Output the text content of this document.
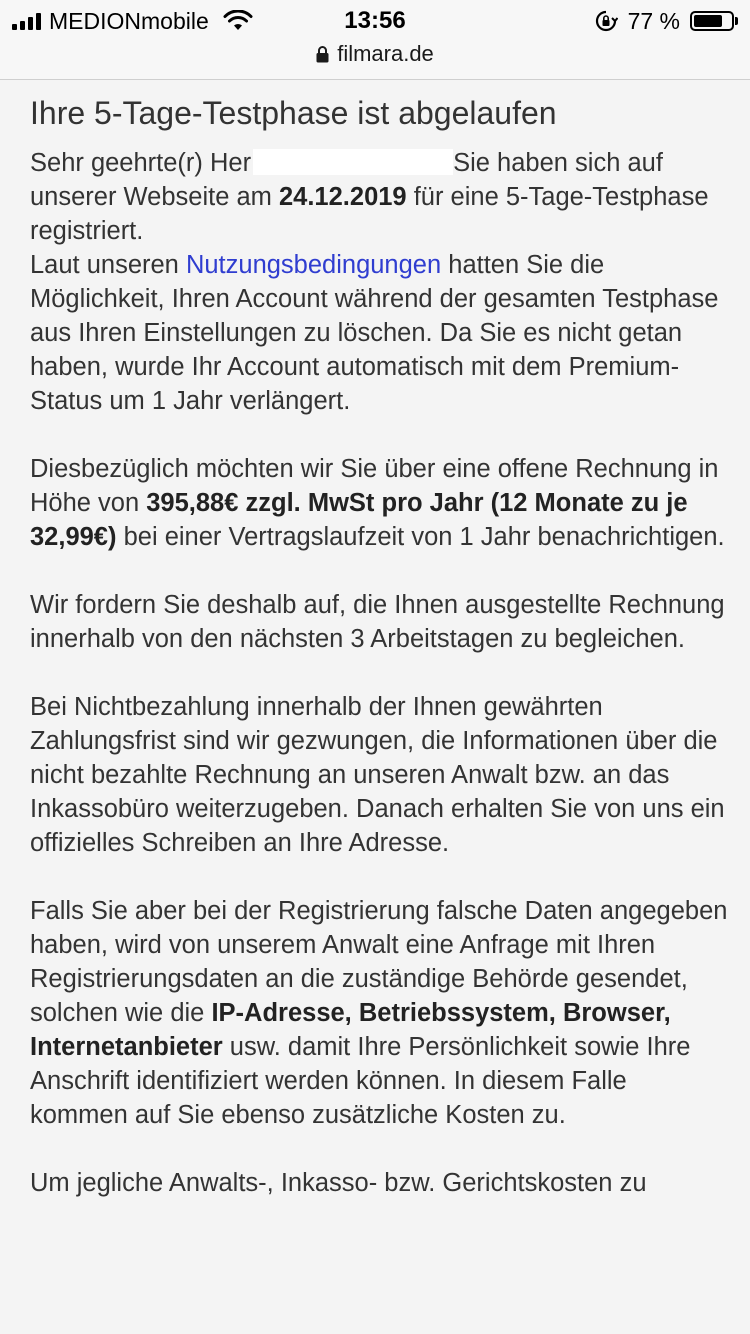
MEDIONmobile	13:56	77 %
filmara.de
Ihre 5-Tage-Testphase ist abgelaufen

Sehr geehrte(r) Her	Sie haben sich auf unserer Webseite am 24.12.2019 für eine 5-Tage-Testphase registriert.

Laut unseren Nutzungsbedingungen hatten Sie die Möglichkeit, Ihren Account während der gesamten Testphase aus Ihren Einstellungen zu löschen. Da Sie es nicht getan haben, wurde Ihr Account automatisch mit dem Premium-Status um 1 Jahr verlängert.

Diesbezüglich möchten wir Sie über eine offene Rechnung in Höhe von 395,88€ zzgl. MwSt pro Jahr (12 Monate zu je 32,99€) bei einer Vertragslaufzeit von 1 Jahr benachrichtigen.

Wir fordern Sie deshalb auf, die Ihnen ausgestellte Rechnung innerhalb von den nächsten 3 Arbeitstagen zu begleichen.

Bei Nichtbezahlung innerhalb der Ihnen gewährten Zahlungsfrist sind wir gezwungen, die Informationen über die nicht bezahlte Rechnung an unseren Anwalt bzw. an das Inkassobüro weiterzugeben. Danach erhalten Sie von uns ein offizielles Schreiben an Ihre Adresse.

Falls Sie aber bei der Registrierung falsche Daten angegeben haben, wird von unserem Anwalt eine Anfrage mit Ihren Registrierungsdaten an die zuständige Behörde gesendet, solchen wie die IP-Adresse, Betriebssystem, Browser, Internetanbieter usw. damit Ihre Persönlichkeit sowie Ihre Anschrift identifiziert werden können. In diesem Falle kommen auf Sie ebenso zusätzliche Kosten zu.

Um jegliche Anwalts-, Inkasso- bzw. Gerichtskosten zu
